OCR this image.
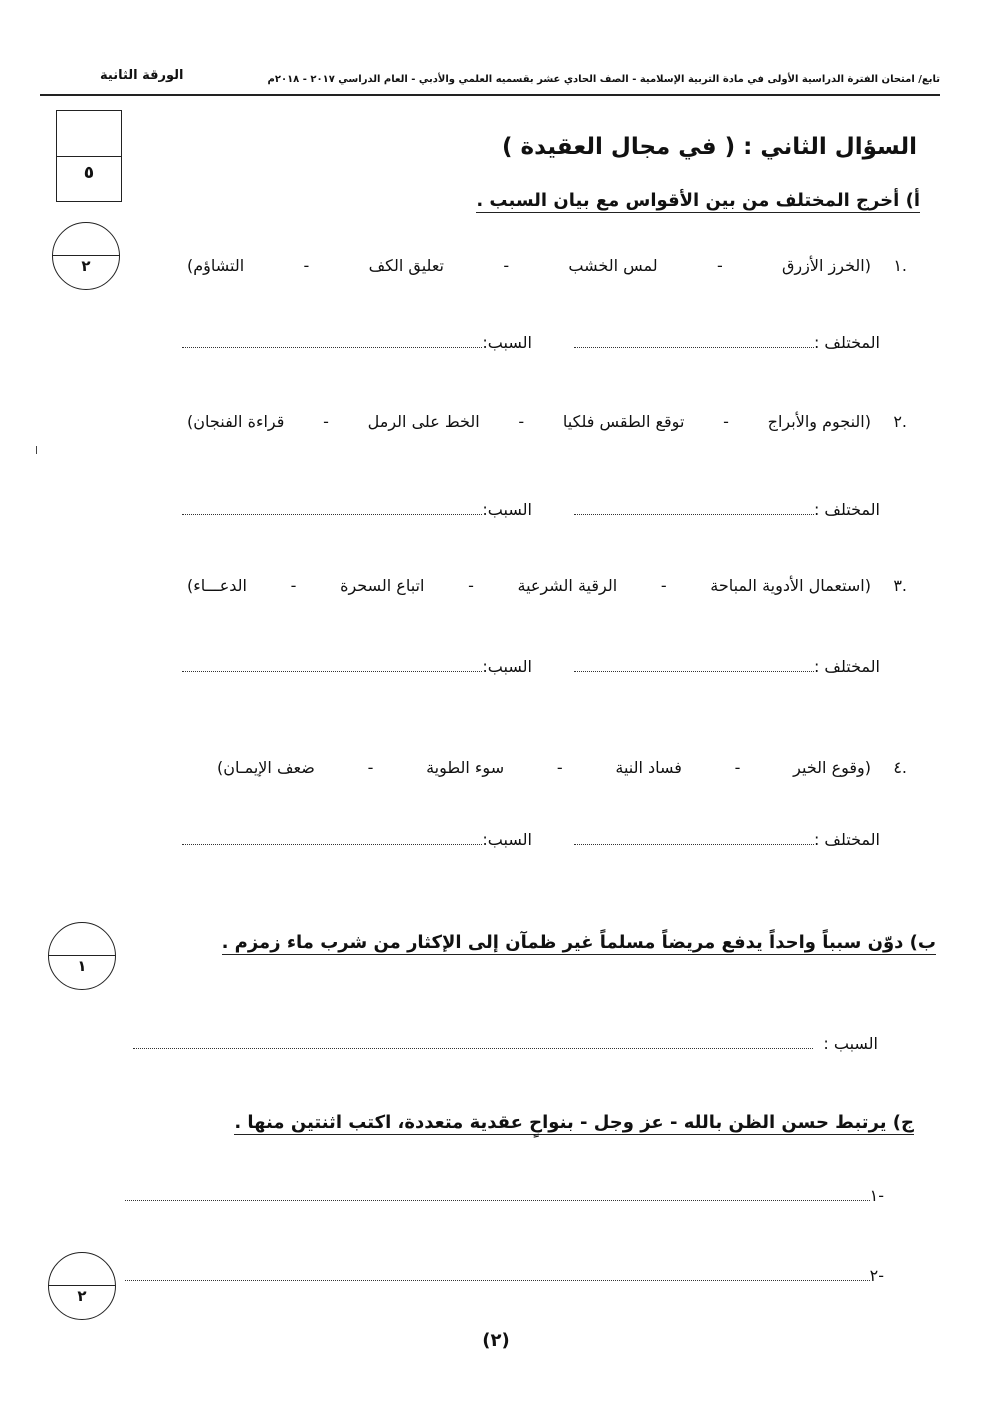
الورقة الثانية	تابع/ امتحان الفترة الدراسية الأولى في مادة التربية الإسلامية - الصف الحادي عشر بقسميه العلمي والأدبي - العام الدراسي ٢٠١٧ - ٢٠١٨م
٥
٢
١
٢
السؤال الثاني : ( في مجال العقيدة )
أ) أخرج المختلف من بين الأقواس مع بيان السبب .
.١
(
الخرز الأزرق
-
لمس الخشب
-
تعليق الكف
-
التشاؤم
)
المختلف :
السبب:
.٢
(
النجوم والأبراج
-
توقع الطقس فلكيا
-
الخط على الرمل
-
قراءة الفنجان
)
المختلف :
السبب:
.٣
(
استعمال الأدوية المباحة
-
الرقية الشرعية
-
اتباع السحرة
-
الدعـــاء
)
المختلف :
السبب:
.٤
(
وقوع الخير
-
فساد النية
-
سوء الطوية
-
ضعف الإيمـان
)
المختلف :
السبب:
ب) دوّن سبباً واحداً يدفع مريضاً مسلماً غير ظمآن إلى الإكثار من شرب ماء زمزم .
السبب :
ج) يرتبط حسن الظن بالله - عز وجل - بنواحٍ عقدية متعددة، اكتب اثنتين منها .
-١
-٢
(٢)
